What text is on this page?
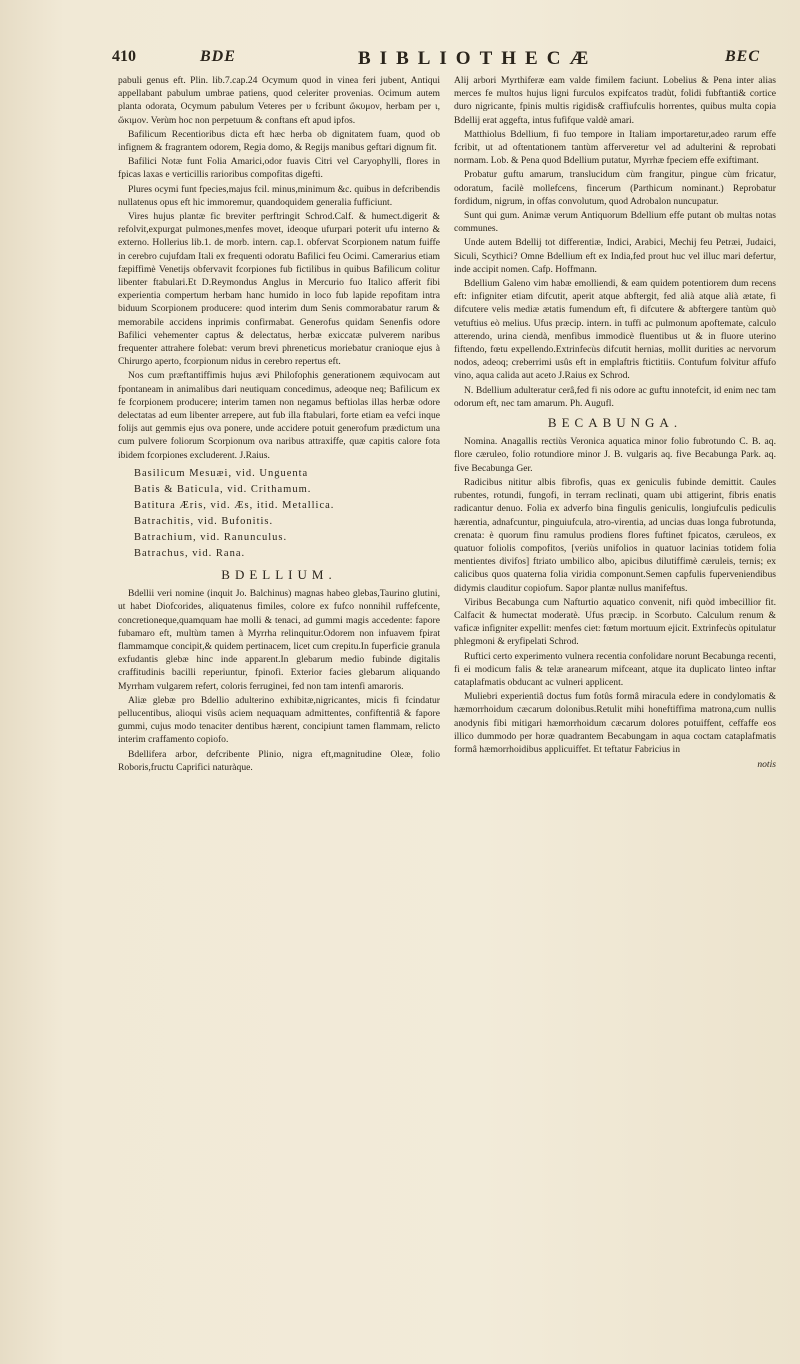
410	BDE	BIBLIOTHECÆ	BEC

pabuli genus eft. Plin. lib.7.cap.24 Ocymum quod in vinea feri jubent, Antiqui appellabant pabulum umbrae patiens, quod celeriter provenias. Ocimum autem planta odorata, Ocymum pabulum Veteres per υ fcribunt ὤκυμον, herbam per ι, ὤκιμον. Verùm hoc non perpetuum & conftans eft apud ipfos.

Bafilicum Recentioribus dicta eft hæc herba ob dignitatem fuam, quod ob infignem & fragrantem odorem, Regia domo, & Regijs manibus geftari dignum fit.

Bafilici Notæ funt Folia Amarici,odor fuavis Citri vel Caryophylli, flores in fpicas laxas e verticillis rarioribus compofitas digefti.

Plures ocymi funt fpecies,majus fcil. minus,minimum &c. quibus in defcribendis nullatenus opus eft hic immoremur, quandoquidem generalia fufficiunt.

Vires hujus plantæ fic breviter perftringit Schrod.Calf. & humect.digerit & refolvit,expurgat pulmones,menfes movet, ideoque ufurpari poterit ufu interno & externo. Hollerius lib.1. de morb. intern. cap.1. obfervat Scorpionem natum fuiffe in cerebro cujufdam Itali ex frequenti odoratu Bafilici feu Ocimi. Camerarius etiam fæpiffimè Venetijs obfervavit fcorpiones fub fictilibus in quibus Bafilicum colitur libenter ftabulari.Et D.Reymondus Anglus in Mercurio fuo Italico afferit fibi experientia compertum herbam hanc humido in loco fub lapide repofitam intra biduum Scorpionem producere: quod interim dum Senis commorabatur rarum & memorabile accidens inprimis confirmabat. Generofus quidam Senenfis odore Bafilici vehementer captus & delectatus, herbæ exiccatæ pulverem naribus frequenter attrahere folebat: verum brevi phreneticus moriebatur cranioque ejus à Chirurgo aperto, fcorpionum nidus in cerebro repertus eft.

Nos cum præftantiffimis hujus ævi Philofophis generationem æquivocam aut fpontaneam in animalibus dari neutiquam concedimus, adeoque neq; Bafilicum ex fe fcorpionem producere; interim tamen non negamus beftiolas illas herbæ odore delectatas ad eum libenter arrepere, aut fub illa ftabulari, forte etiam ea vefci inque folijs aut gemmis ejus ova ponere, unde accidere potuit generofum prædictum una cum pulvere foliorum Scorpionum ova naribus attraxiffe, quæ capitis calore fota ibidem fcorpiones excluderent. J.Raius.

Basilicum Mesuæi, vid. Unguenta
Batis & Baticula, vid. Crithamum.
Batitura Æris, vid. Æs, itid. Metallica.
Batrachitis, vid. Bufonitis.
Batrachium, vid. Ranunculus.
Batrachus, vid. Rana.
BDELLIUM.

Bdellii veri nomine (inquit Jo. Balchinus) magnas habeo glebas,Taurino glutini, ut habet Diofcorides, aliquatenus fimiles, colore ex fufco nonnihil ruffefcente, concretioneque,quamquam hae molli & tenaci, ad gummi magis accedente: fapore fubamaro eft, multùm tamen à Myrrha relinquitur.Odorem non infuavem fpirat flammamque concipit,& quidem pertinacem, licet cum crepitu.In fuperficie granula exfudantis glebæ hinc inde apparent.In glebarum medio fubinde digitalis craffitudinis bacilli reperiuntur, fpinofi. Exterior facies glebarum aliquando Myrrham vulgarem refert, coloris ferruginei, fed non tam intenfi amaroris.

Aliæ glebæ pro Bdellio adulterino exhibitæ,nigricantes, micis fi fcindatur pellucentibus, alioqui visûs aciem nequaquam admittentes, confiftentiâ & fapore gummi, cujus modo tenaciter dentibus hærent, concipiunt tamen flammam, relicto interim craffamento copiofo.

Bdellifera arbor, defcribente Plinio, nigra eft,magnitudine Oleæ, folio Roboris,fructu Caprifici naturàque.

Alij arbori Myrthiferæ eam valde fimilem faciunt. Lobelius & Pena inter alias merces fe multos hujus ligni furculos expifcatos tradùt, folidi fubftanti& cortice duro nigricante, fpinis multis rigidis& craffiufculis horrentes, quibus multa copia Bdellij erat aggefta, intus fufifque valdè amari.

Matthiolus Bdellium, fi fuo tempore in Italiam importaretur,adeo rarum effe fcribit, ut ad oftentationem tantùm afferveretur vel ad adulterini & reprobati normam. Lob. & Pena quod Bdellium putatur, Myrrhæ fpeciem effe exiftimant.

Probatur guftu amarum, translucidum cùm frangitur, pingue cùm fricatur, odoratum, facilè mollefcens, fincerum (Parthicum nominant.) Reprobatur fordidum, nigrum, in offas convolutum, quod Adrobalon nuncupatur.

Sunt qui gum. Animæ verum Antiquorum Bdellium effe putant ob multas notas communes.

Unde autem Bdellij tot differentiæ, Indici, Arabici, Mechij feu Petræi, Judaici, Siculi, Scythici? Omne Bdellium eft ex India,fed prout huc vel illuc mari defertur, inde accipit nomen. Cafp. Hoffmann.

Bdellium Galeno vim habæ emolliendi, & eam quidem potentiorem dum recens eft: infigniter etiam difcutit, aperit atque abftergit, fed alià atque alià ætate, fi difcutere velis mediæ ætatis fumendum eft, fi difcutere & abftergere tantùm quò vetuftius eò melius. Ufus præcip. intern. in tuffi ac pulmonum apoftemate, calculo atterendo, urina ciendà, menfibus immodicè fluentibus ut & in fluore uterino fiftendo, fœtu expellendo.Extrinfecùs difcutit hernias, mollit durities ac nervorum nodos, adeoq; creberrimi usûs eft in emplaftris ftictitiis. Contufum folvitur affufo vino, aqua calida aut aceto J.Raius ex Schrod.

N. Bdellium adulteratur cerâ,fed fi nis odore ac guftu innotefcit, id enim nec tam odorum eft, nec tam amarum. Ph. Augufl.

BECABUNGA.

Nomina. Anagallis rectiùs Veronica aquatica minor folio fubrotundo C. B. aq. flore cæruleo, folio rotundiore minor J. B. vulgaris aq. five Becabunga Park. aq. five Becabunga Ger.

Radicibus nititur albis fibrofis, quas ex geniculis fubinde demittit. Caules rubentes, rotundi, fungofi, in terram reclinati, quam ubi attigerint, fibris enatis radicantur denuo. Folia ex adverfo bina fingulis geniculis, longiufculis pediculis hærentia, adnafcuntur, pinguiufcula, atro-virentia, ad uncias duas longa fubrotunda, crenata: è quorum finu ramulus prodiens flores fuftinet fpicatos, cæruleos, ex quatuor foliolis compofitos, [veriùs unifolios in quatuor lacinias totidem folia mentientes divifos] ftriato umbilico albo, apicibus dilutiffimè cæruleis, ternis; ex calicibus quos quaterna folia viridia componunt.Semen capfulis fuperveniendibus didymis clauditur copiofum. Sapor plantæ nullus manifeftus.

Viribus Becabunga cum Nafturtio aquatico convenit, nifi quòd imbecillior fit. Calfacit & humectat moderatè. Ufus præcip. in Scorbuto. Calculum renum & vaficæ infigniter expellit: menfes ciet: fœtum mortuum ejicit. Extrinfecùs opitulatur phlegmoni & eryfipelati Schrod.

Ruftici certo experimento vulnera recentia confolidare norunt Becabunga recenti, fi ei modicum falis & telæ aranearum mifceant, atque ita duplicato linteo inftar cataplafmatis obducant ac vulneri applicent.

Muliebri experientiâ doctus fum fotûs formâ miracula edere in condylomatis & hæmorrhoidum cæcarum dolonibus.Retulit mihi honeftiffima matrona,cum nullis anodynis fibi mitigari hæmorrhoidum cæcarum dolores potuiffent, ceffaffe eos illico dummodo per horæ quadrantem Becabungam in aqua coctam cataplafmatis formâ hæmorrhoidibus applicuiffet. Et teftatur Fabricius in

notis
